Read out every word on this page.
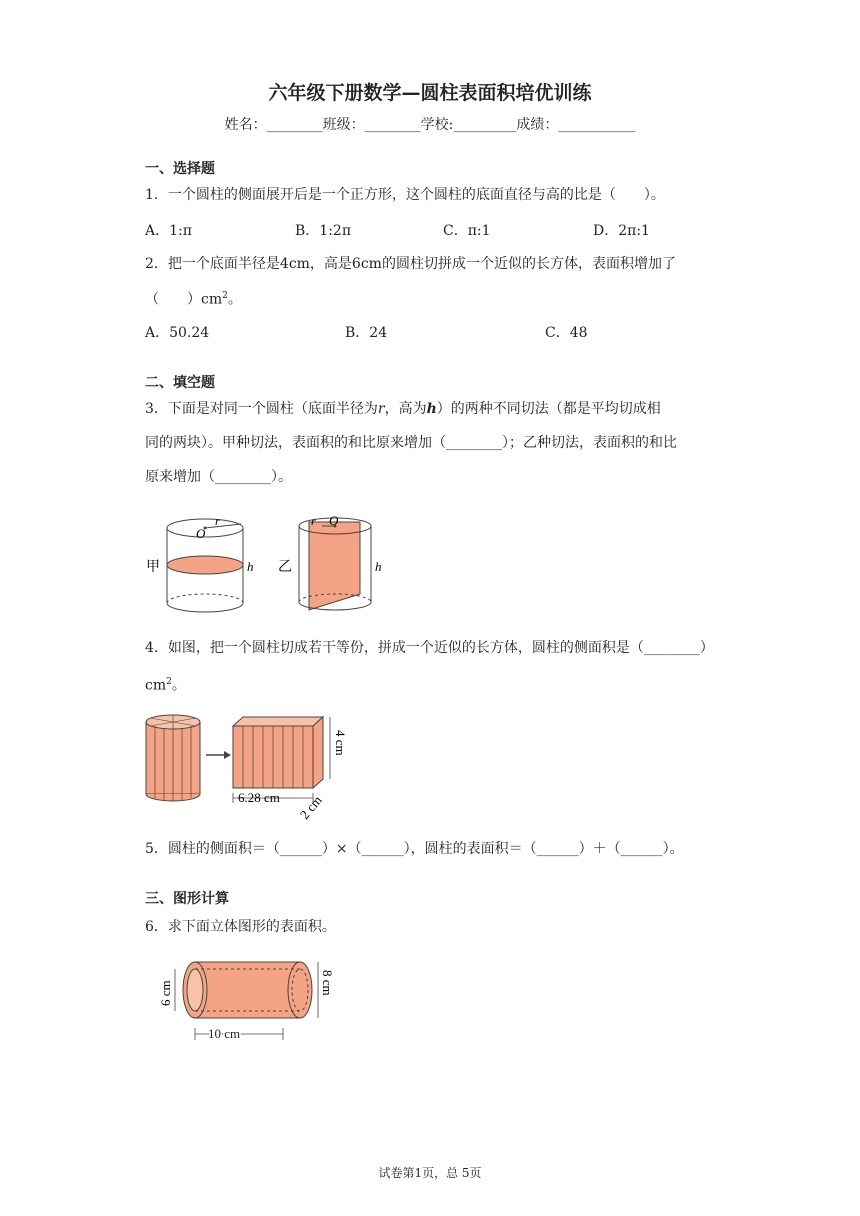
六年级下册数学—圆柱表面积培优训练
姓名：________班级：________学校:_________成绩：___________
一、选择题
1．一个圆柱的侧面展开后是一个正方形，这个圆柱的底面直径与高的比是（　　）。
A．1:π	B．1:2π	C．π:1	D．2π:1
2．把一个底面半径是4cm，高是6cm的圆柱切拼成一个近似的长方体，表面积增加了
（　　）$cm^2$。
A．50.24	B．24	C．48
二、填空题
3．下面是对同一个圆柱（底面半径为r，高为h）的两种不同切法（都是平均切成相
同的两块）。甲种切法，表面积的和比原来增加（________）；乙种切法，表面积的和比
原来增加（________）。
O
r
甲	h
r O
乙	h
4．如图，把一个圆柱切成若干等份，拼成一个近似的长方体，圆柱的侧面积是（________）
$cm^2$。
6.28 cm
4 cm
2 cm
5．圆柱的侧面积＝（______）×（______），圆柱的表面积＝（______）＋（______）。
三、图形计算
6．求下面立体图形的表面积。
6 cm	8 cm
10 cm
试卷第1页，总 5页
